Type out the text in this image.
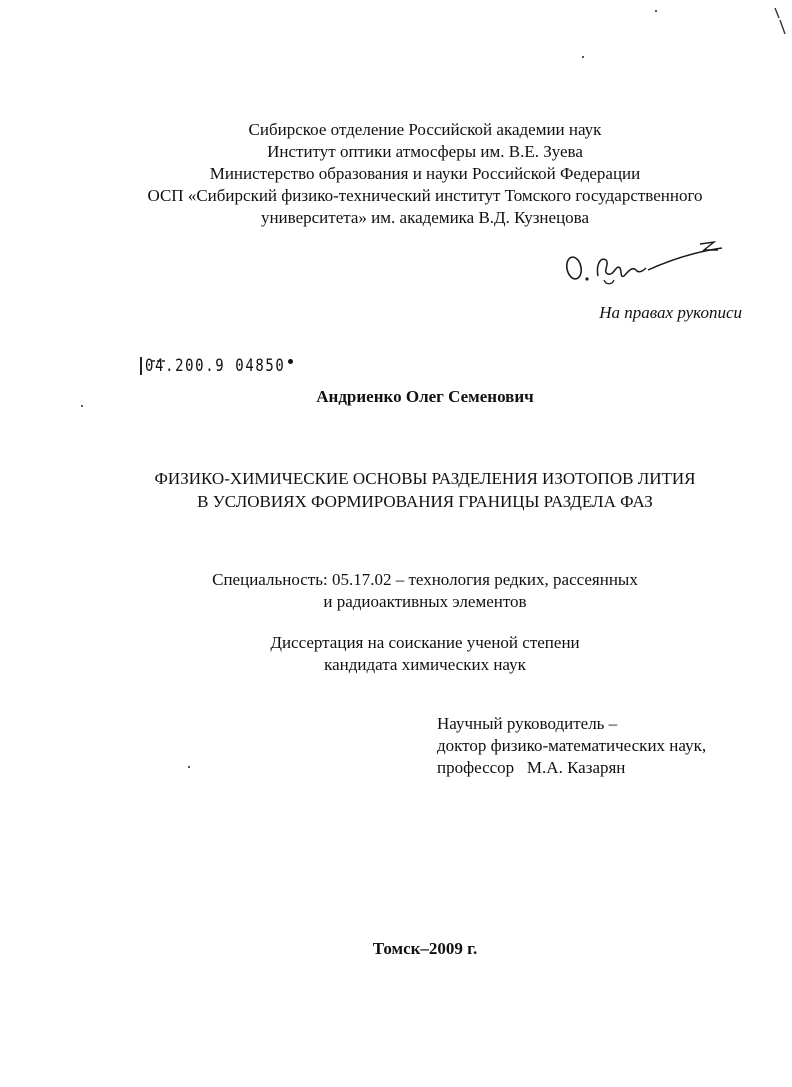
Сибирское отделение Российской академии наук
Институт оптики атмосферы им. В.Е. Зуева
Министерство образования и науки Российской Федерации
ОСП «Сибирский физико-технический институт Томского государственного
университета» им. академика В.Д. Кузнецова
На правах рукописи
04.200.9 04850
Андриенко Олег Семенович
ФИЗИКО-ХИМИЧЕСКИЕ ОСНОВЫ РАЗДЕЛЕНИЯ ИЗОТОПОВ ЛИТИЯ
В УСЛОВИЯХ ФОРМИРОВАНИЯ ГРАНИЦЫ РАЗДЕЛА ФАЗ
Специальность: 05.17.02 – технология редких, рассеянных
и радиоактивных элементов
Диссертация на соискание ученой степени
кандидата химических наук
Научный руководитель –
доктор физико-математических наук,
профессор   М.А. Казарян
Томск–2009 г.
